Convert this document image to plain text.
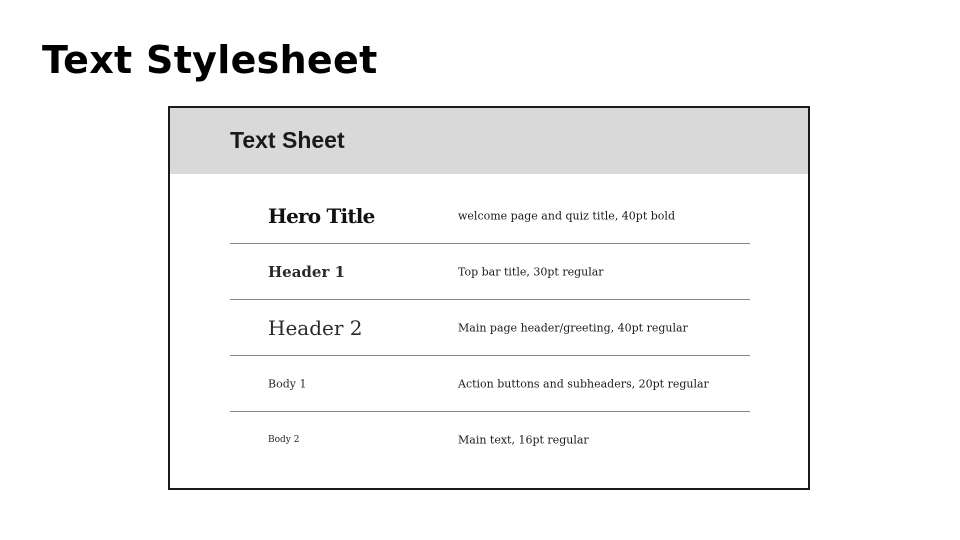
Text Stylesheet
Text Sheet
Hero Title	welcome page and quiz title, 40pt bold
Header 1	Top bar title, 30pt regular
Header 2	Main page header/greeting, 40pt regular
Body 1	Action buttons and subheaders, 20pt regular
Body 2	Main text, 16pt regular
